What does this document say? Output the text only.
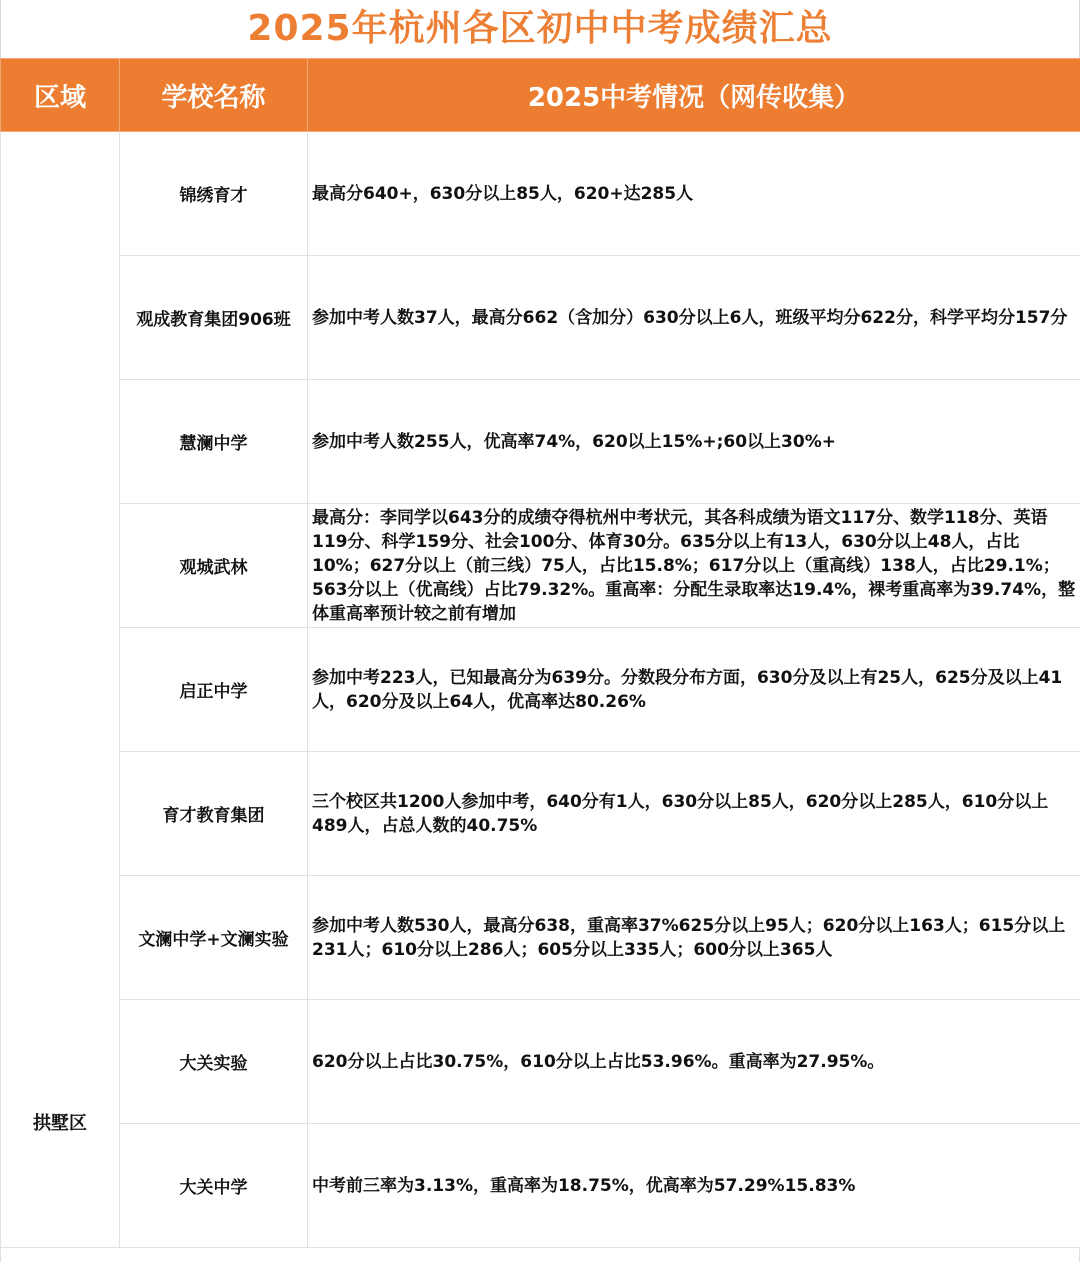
2025年杭州各区初中中考成绩汇总
区域	学校名称	2025中考情况（网传收集）
拱墅区	锦绣育才	最高分640+，630分以上85人，620+达285人
	观成教育集团906班	参加中考人数37人，最高分662（含加分）630分以上6人，班级平均分622分，科学平均分157分
	慧澜中学	参加中考人数255人，优高率74%，620以上15%+;60以上30%+
	观城武林	最高分：李同学以643分的成绩夺得杭州中考状元，其各科成绩为语文117分、数学118分、英语119分、科学159分、社会100分、体育30分。635分以上有13人，630分以上48人，占比10%；627分以上（前三线）75人，占比15.8%；617分以上（重高线）138人，占比29.1%；563分以上（优高线）占比79.32%。重高率：分配生录取率达19.4%，裸考重高率为39.74%，整体重高率预计较之前有增加
	启正中学	参加中考223人，已知最高分为639分。分数段分布方面，630分及以上有25人，625分及以上41人，620分及以上64人，优高率达80.26%
	育才教育集团	三个校区共1200人参加中考，640分有1人，630分以上85人，620分以上285人，610分以上489人，占总人数的40.75%
	文澜中学+文澜实验	参加中考人数530人，最高分638，重高率37%625分以上95人；620分以上163人；615分以上231人；610分以上286人；605分以上335人；600分以上365人
	大关实验	620分以上占比30.75%，610分以上占比53.96%。重高率为27.95%。
	大关中学	中考前三率为3.13%，重高率为18.75%，优高率为57.29%15.83%
